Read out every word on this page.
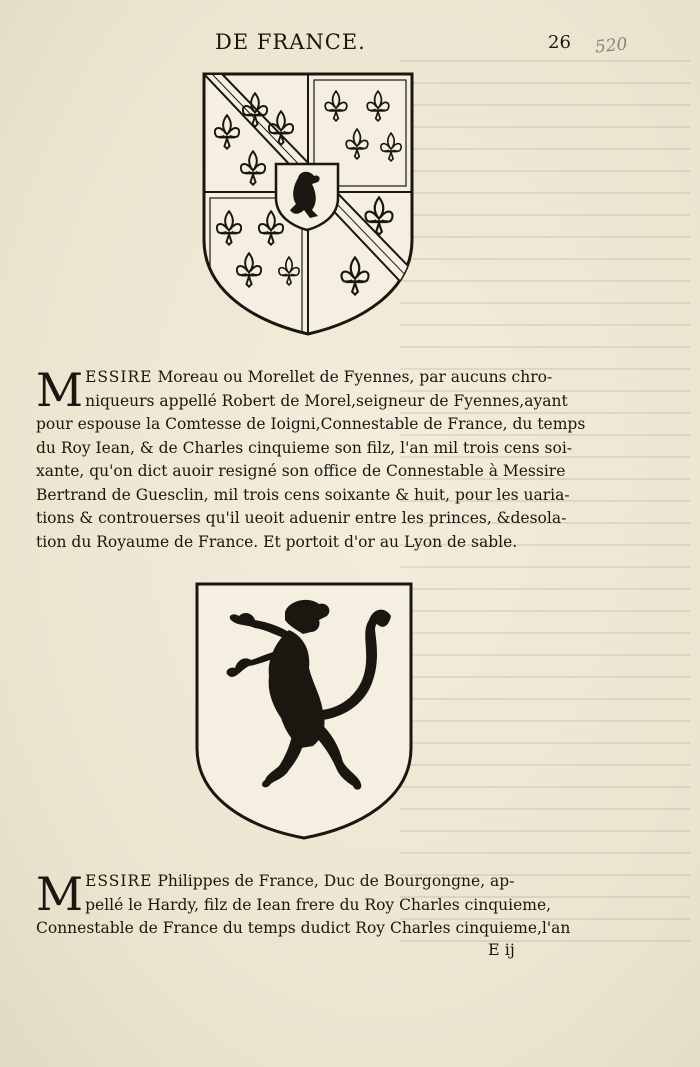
DE FRANCE.	26 520
M ESSIRE Moreau ou Morellet de Fyennes, par aucuns chro-
niqueurs appellé Robert de Morel,seigneur de Fyennes,ayant
pour espouse la Comtesse de Ioigni,Connestable de France, du temps
du Roy Iean, & de Charles cinquieme son filz, l'an mil trois cens soi-
xante, qu'on dict auoir resigné son office de Connestable à Messire
Bertrand de Guesclin, mil trois cens soixante & huit, pour les uaria-
tions & controuerses qu'il ueoit aduenir entre les princes, &desola-
tion du Royaume de France. Et portoit d'or au Lyon de sable.
M ESSIRE Philippes de France, Duc de Bourgongne, ap-
pellé le Hardy, filz de Iean frere du Roy Charles cinquieme,
Connestable de France du temps dudict Roy Charles cinquieme,l'an
E ij
